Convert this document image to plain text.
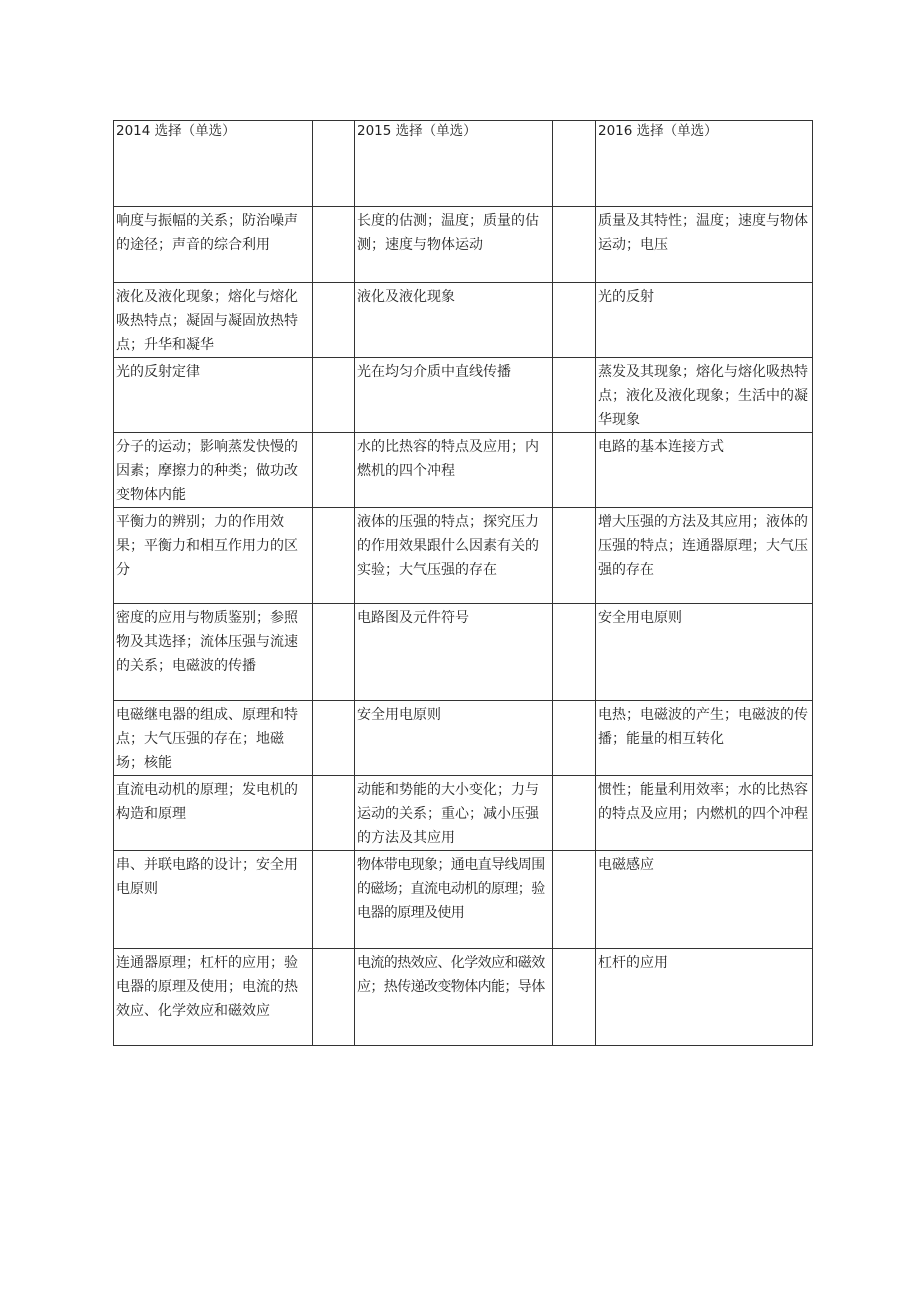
2014 选择（单选）		2015 选择（单选）		2016 选择（单选）
响度与振幅的关系；防治噪声的途径；声音的综合利用		长度的估测；温度；质量的估测；速度与物体运动		质量及其特性；温度；速度与物体运动；电压
液化及液化现象；熔化与熔化吸热特点；凝固与凝固放热特点；升华和凝华		液化及液化现象		光的反射
光的反射定律		光在均匀介质中直线传播		蒸发及其现象；熔化与熔化吸热特点；液化及液化现象；生活中的凝华现象
分子的运动；影响蒸发快慢的因素；摩擦力的种类；做功改变物体内能		水的比热容的特点及应用；内燃机的四个冲程		电路的基本连接方式
平衡力的辨别；力的作用效果；平衡力和相互作用力的区分		液体的压强的特点；探究压力的作用效果跟什么因素有关的实验；大气压强的存在		增大压强的方法及其应用；液体的压强的特点；连通器原理；大气压强的存在
密度的应用与物质鉴别；参照物及其选择；流体压强与流速的关系；电磁波的传播		电路图及元件符号		安全用电原则
电磁继电器的组成、原理和特点；大气压强的存在；地磁场；核能		安全用电原则		电热；电磁波的产生；电磁波的传播；能量的相互转化
直流电动机的原理；发电机的构造和原理		动能和势能的大小变化；力与运动的关系；重心；减小压强的方法及其应用		惯性；能量利用效率；水的比热容的特点及应用；内燃机的四个冲程
串、并联电路的设计；安全用电原则		物体带电现象；通电直导线周围的磁场；直流电动机的原理；验电器的原理及使用		电磁感应
连通器原理；杠杆的应用；验电器的原理及使用；电流的热效应、化学效应和磁效应		电流的热效应、化学效应和磁效应；热传递改变物体内能；导体		杠杆的应用
